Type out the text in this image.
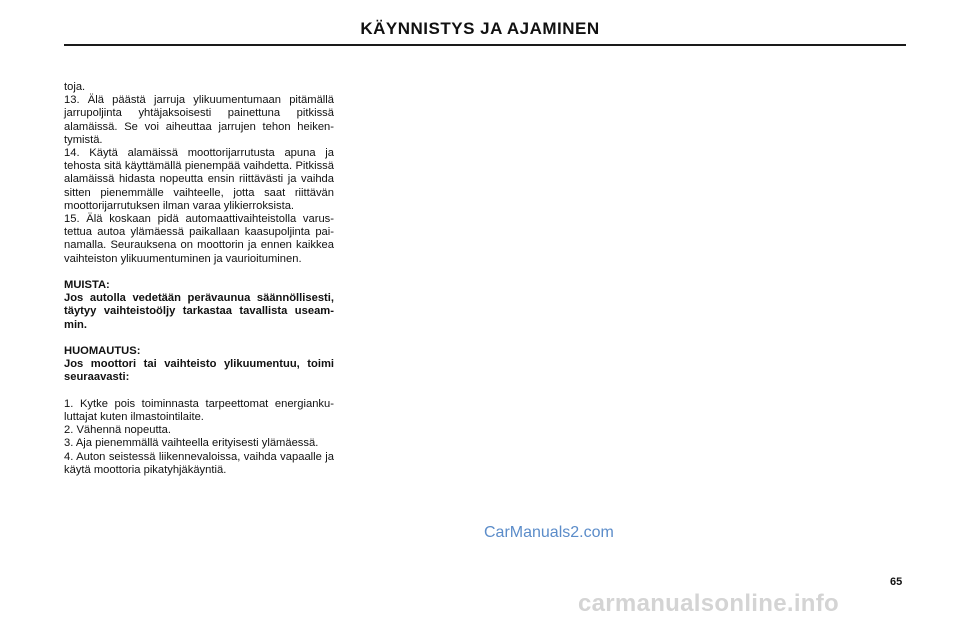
KÄYNNISTYS JA AJAMINEN

toja.

13. Älä päästä jarruja ylikuumentumaan pitämällä jarrupoljinta yhtäjaksoisesti painettuna pitkissä alamäissä. Se voi aiheuttaa jarrujen tehon heikentymistä.

14. Käytä alamäissä moottorijarrutusta apuna ja tehosta sitä käyttämällä pienempää vaihdetta. Pitkissä alamäissä hidasta nopeutta ensin riittävästi ja vaihda sitten pienemmälle vaihteelle, jotta saat riittävän moottorijarrutuksen ilman varaa ylikierroksista.

15. Älä koskaan pidä automaattivaihteistolla varustettua autoa ylämäessä paikallaan kaasupoljinta painamalla. Seurauksena on moottorin ja ennen kaikkea vaihteiston ylikuumentuminen ja vaurioituminen.

MUISTA:

Jos autolla vedetään perävaunua säännöllisesti, täytyy vaihteistoöljy tarkastaa tavallista useammin.

HUOMAUTUS:

Jos moottori tai vaihteisto ylikuumentuu, toimi seuraavasti:

1. Kytke pois toiminnasta tarpeettomat energiankuluttajat kuten ilmastointilaite.

2. Vähennä nopeutta.

3. Aja pienemmällä vaihteella erityisesti ylämäessä.

4. Auton seistessä liikennevaloissa, vaihda vapaalle ja käytä moottoria pikatyhjäkäyntiä.

CarManuals2.com
65
carmanualsonline.info
